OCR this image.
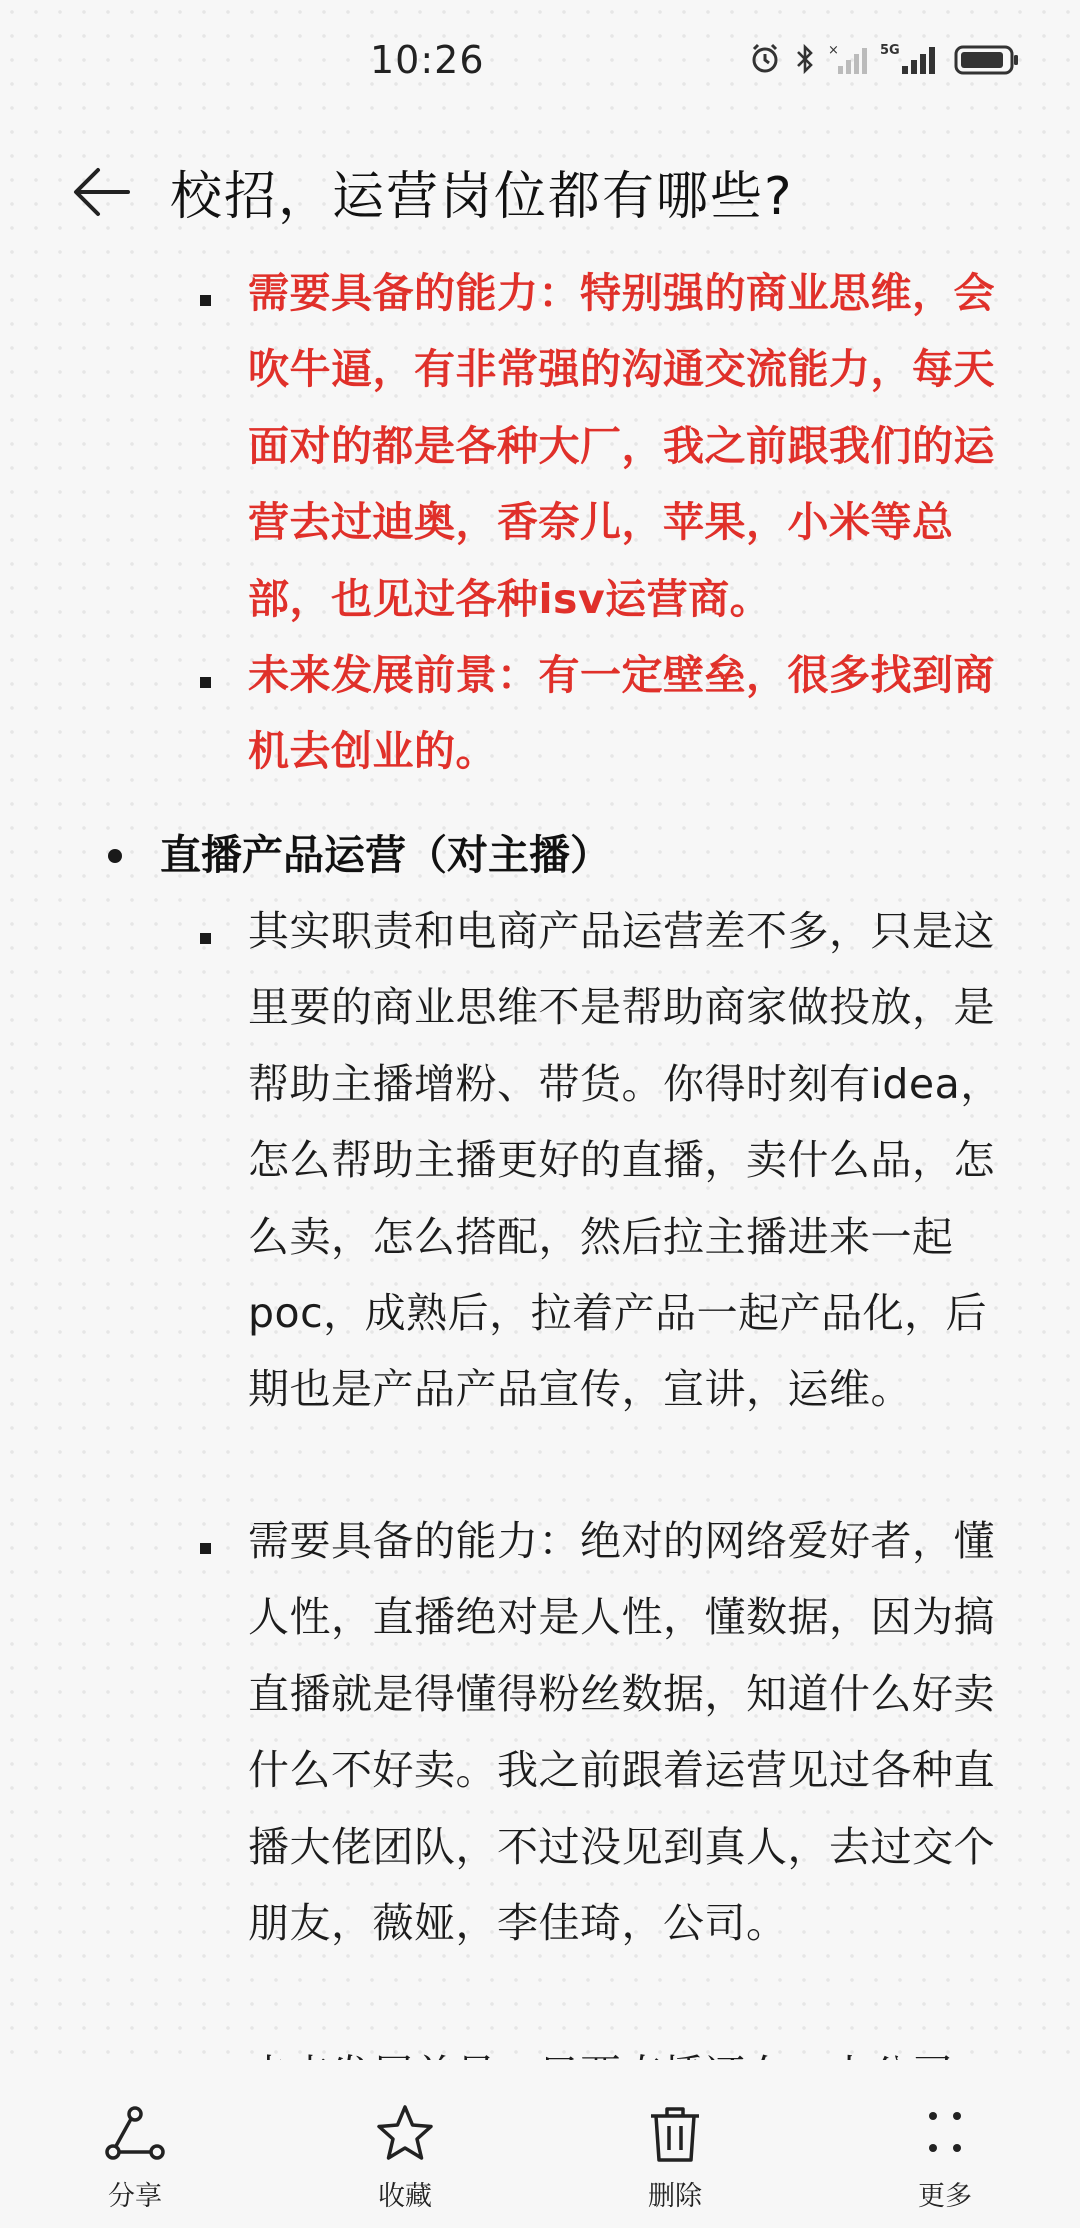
10:26	×	5G
校招，运营岗位都有哪些?
需要具备的能力：特别强的商业思维，会吹牛逼，有非常强的沟通交流能力，每天面对的都是各种大厂，我之前跟我们的运营去过迪奥，香奈儿，苹果，小米等总部，也见过各种isv运营商。
未来发展前景：有一定壁垒，很多找到商机去创业的。
直播产品运营（对主播）
其实职责和电商产品运营差不多，只是这里要的商业思维不是帮助商家做投放，是帮助主播增粉、带货。你得时刻有idea，怎么帮助主播更好的直播，卖什么品，怎么卖，怎么搭配，然后拉主播进来一起poc，成熟后，拉着产品一起产品化，后期也是产品产品宣传，宣讲，运维。
需要具备的能力：绝对的网络爱好者，懂人性，直播绝对是人性，懂数据，因为搞直播就是得懂得粉丝数据，知道什么好卖什么不好卖。我之前跟着运营见过各种直播大佬团队，不过没见到真人，去过交个朋友，薇娅，李佳琦，公司。
分享	收藏	删除	更多
